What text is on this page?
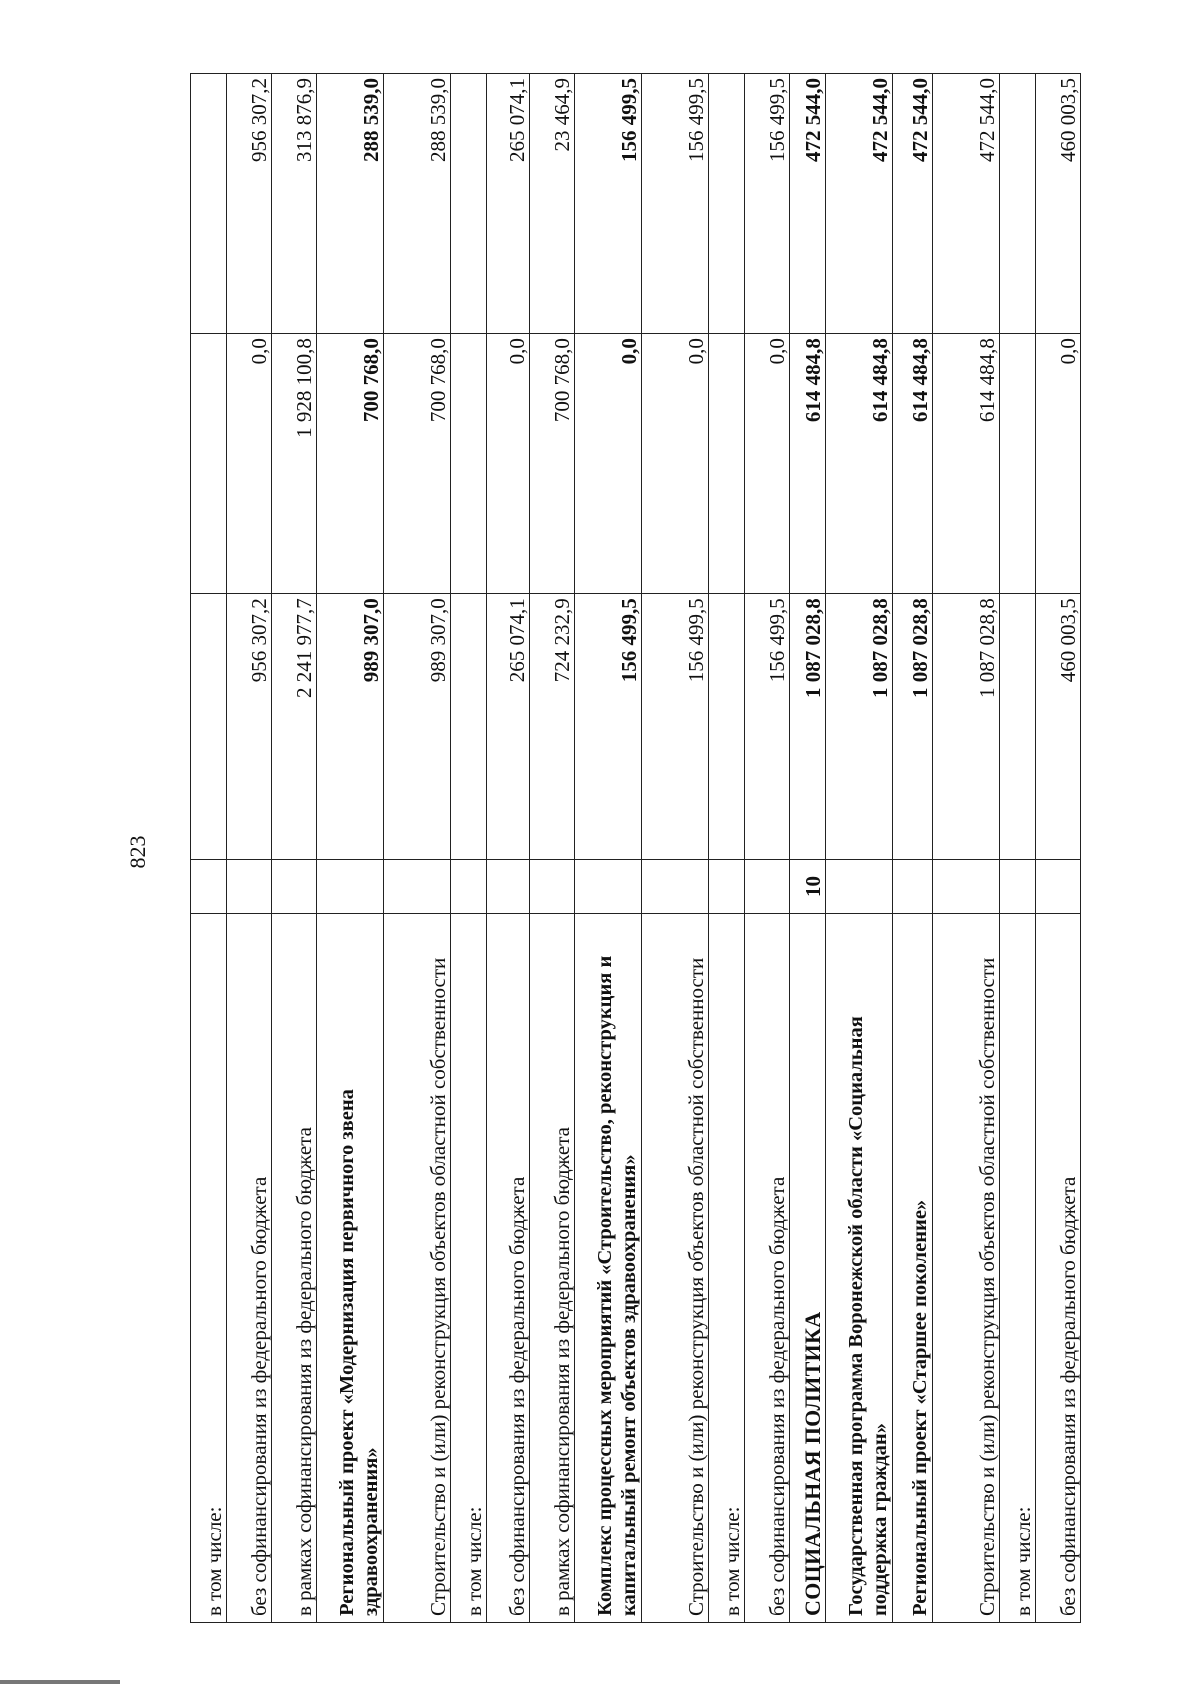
823
в том числе:				
без софинансирования из федерального бюджета		956 307,2	0,0	956 307,2
в рамках софинансирования из федерального бюджета		2 241 977,7	1 928 100,8	313 876,9
Региональный проект «Модернизация первичного звена здравоохранения»		989 307,0	700 768,0	288 539,0
Строительство и (или) реконструкция объектов областной собственности		989 307,0	700 768,0	288 539,0
в том числе:				
без софинансирования из федерального бюджета		265 074,1	0,0	265 074,1
в рамках софинансирования из федерального бюджета		724 232,9	700 768,0	23 464,9
Комплекс процессных мероприятий «Строительство, реконструкция и капитальный ремонт объектов здравоохранения»		156 499,5	0,0	156 499,5
Строительство и (или) реконструкция объектов областной собственности		156 499,5	0,0	156 499,5
в том числе:				
без софинансирования из федерального бюджета		156 499,5	0,0	156 499,5
СОЦИАЛЬНАЯ ПОЛИТИКА	10	1 087 028,8	614 484,8	472 544,0
Государственная программа Воронежской области «Социальная поддержка граждан»		1 087 028,8	614 484,8	472 544,0
Региональный проект «Старшее поколение»		1 087 028,8	614 484,8	472 544,0
Строительство и (или) реконструкция объектов областной собственности		1 087 028,8	614 484,8	472 544,0
в том числе:				
без софинансирования из федерального бюджета		460 003,5	0,0	460 003,5
